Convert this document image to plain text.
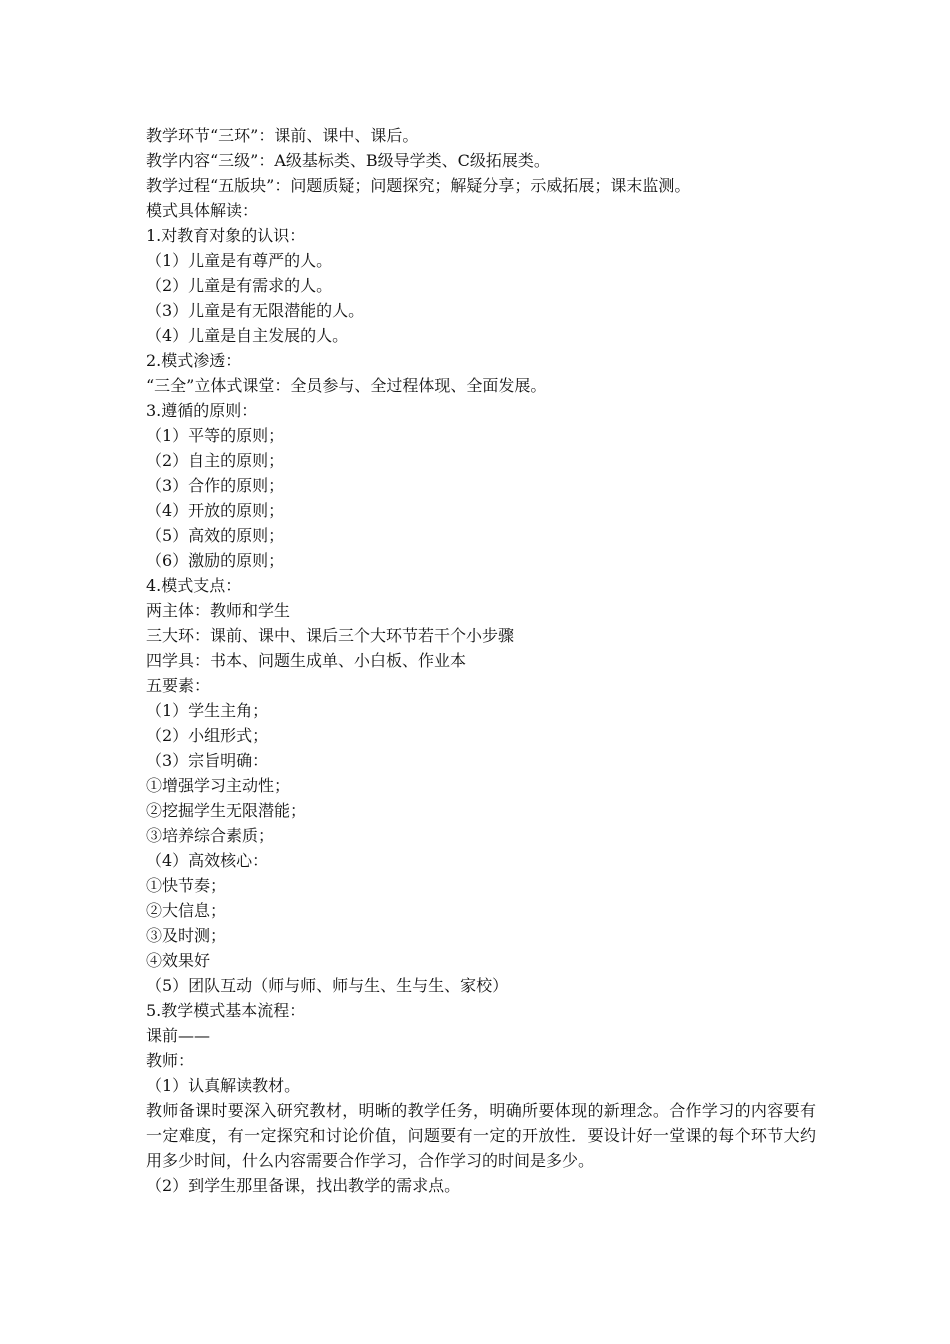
教学环节“三环”：课前、课中、课后。

教学内容“三级”：A级基标类、B级导学类、C级拓展类。

教学过程“五版块”：问题质疑；问题探究；解疑分享；示威拓展；课末监测。

模式具体解读：

1.对教育对象的认识：

（1）儿童是有尊严的人。

（2）儿童是有需求的人。

（3）儿童是有无限潜能的人。

（4）儿童是自主发展的人。

2.模式渗透：

“三全”立体式课堂：全员参与、全过程体现、全面发展。

3.遵循的原则：

（1）平等的原则；

（2）自主的原则；

（3）合作的原则；

（4）开放的原则；

（5）高效的原则；

（6）激励的原则；

4.模式支点：

两主体：教师和学生

三大环：课前、课中、课后三个大环节若干个小步骤

四学具：书本、问题生成单、小白板、作业本

五要素：

（1）学生主角；

（2）小组形式；

（3）宗旨明确：

①增强学习主动性；

②挖掘学生无限潜能；

③培养综合素质；

（4）高效核心：

①快节奏；

②大信息；

③及时测；

④效果好

（5）团队互动（师与师、师与生、生与生、家校）

5.教学模式基本流程：

课前——

教师：

（1）认真解读教材。

教师备课时要深入研究教材，明晰的教学任务，明确所要体现的新理念。合作学习的内容要有一定难度，有一定探究和讨论价值，问题要有一定的开放性．要设计好一堂课的每个环节大约用多少时间，什么内容需要合作学习，合作学习的时间是多少。

（2）到学生那里备课，找出教学的需求点。
